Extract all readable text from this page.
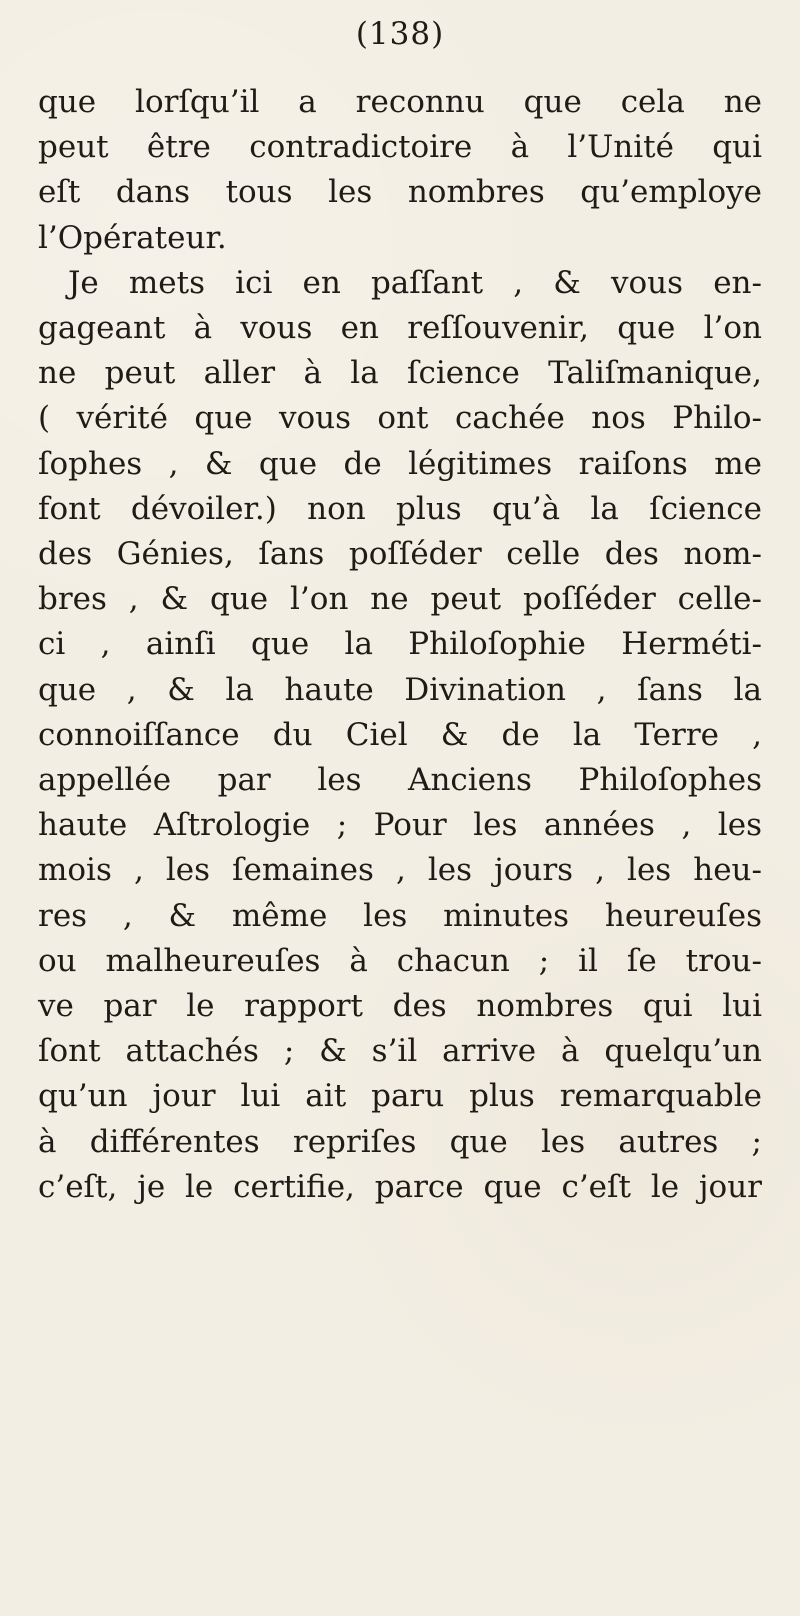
(138)
que lorſqu’il a reconnu que cela ne
peut être contradictoire à l’Unité qui
eſt dans tous les nombres qu’employe
l’Opérateur.
Je mets ici en paſſant , & vous en-
gageant à vous en reſſouvenir, que l’on
ne peut aller à la ſcience Taliſmanique,
( vérité que vous ont cachée nos Philo-
ſophes , & que de légitimes raiſons me
font dévoiler.) non plus qu’à la ſcience
des Génies, ſans poſſéder celle des nom-
bres , & que l’on ne peut poſſéder celle-
ci , ainſi que la Philoſophie Herméti-
que , & la haute Divination , ſans la
connoiſſance du Ciel & de la Terre ,
appellée par les Anciens Philoſophes
haute Aſtrologie ; Pour les années , les
mois , les ſemaines , les jours , les heu-
res , & même les minutes heureuſes
ou malheureuſes à chacun ; il ſe trou-
ve par le rapport des nombres qui lui
ſont attachés ; & s’il arrive à quelqu’un
qu’un jour lui ait paru plus remarquable
à différentes repriſes que les autres ;
c’eſt, je le certifie, parce que c’eſt le jour
